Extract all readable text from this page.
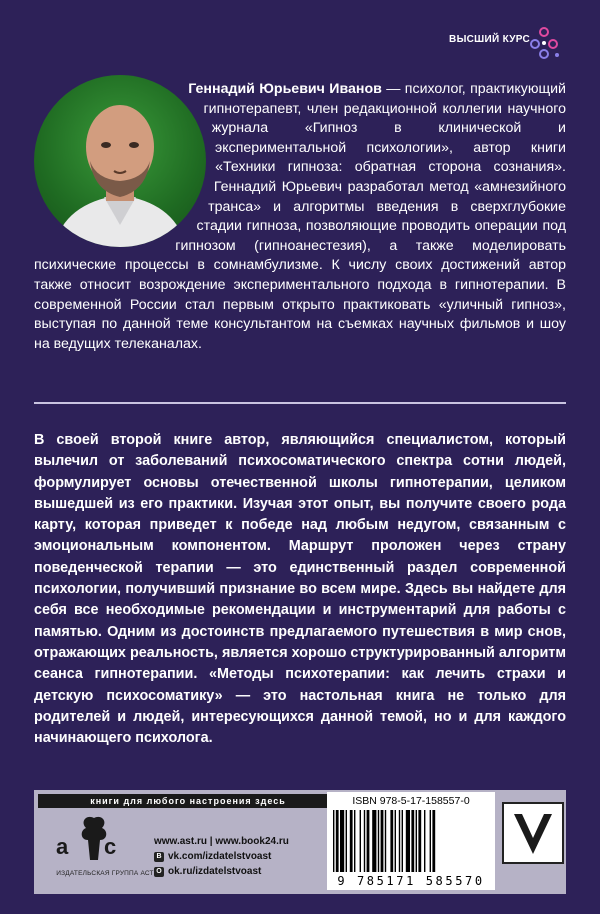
ВЫСШИЙ КУРС
Геннадий Юрьевич Иванов — психолог, практикующий гипнотерапевт, член редакционной коллегии научного журнала «Гипноз в клинической и экспериментальной психологии», автор книги «Техники гипноза: обратная сторона сознания». Геннадий Юрьевич разработал метод «амнезийного транса» и алгоритмы введения в сверхглубокие стадии гипноза, позволяющие проводить операции под гипнозом (гипноанестезия), а также моделировать психические процессы в сомнамбулизме. К числу своих достижений автор также относит возрождение экспериментального подхода в гипнотерапии. В современной России стал первым открыто практиковать «уличный гипноз», выступая по данной теме консультантом на съемках научных фильмов и шоу на ведущих телеканалах.
В своей второй книге автор, являющийся специалистом, который вылечил от заболеваний психосоматического спектра сотни людей, формулирует основы отечественной школы гипнотерапии, целиком вышедшей из его практики. Изучая этот опыт, вы получите своего рода карту, которая приведет к победе над любым недугом, связанным с эмоциональным компонентом. Маршрут проложен через страну поведенческой терапии — это единственный раздел современной психологии, получивший признание во всем мире. Здесь вы найдете для себя все необходимые рекомендации и инструментарий для работы с памятью. Одним из достоинств предлагаемого путешествия в мир снов, отражающих реальность, является хорошо структурированный алгоритм сеанса гипнотерапии. «Методы психотерапии: как лечить страхи и детскую психосоматику» — это настольная книга не только для родителей и людей, интересующихся данной темой, но и для каждого начинающего психолога.
книги для любого настроения здесь
a c
ИЗДАТЕЛЬСКАЯ ГРУППА АСТ
www.ast.ru | www.book24.ru
В vk.com/izdatelstvoast
О ok.ru/izdatelstvoast
ISBN 978-5-17-158557-0
9 785171 585570
